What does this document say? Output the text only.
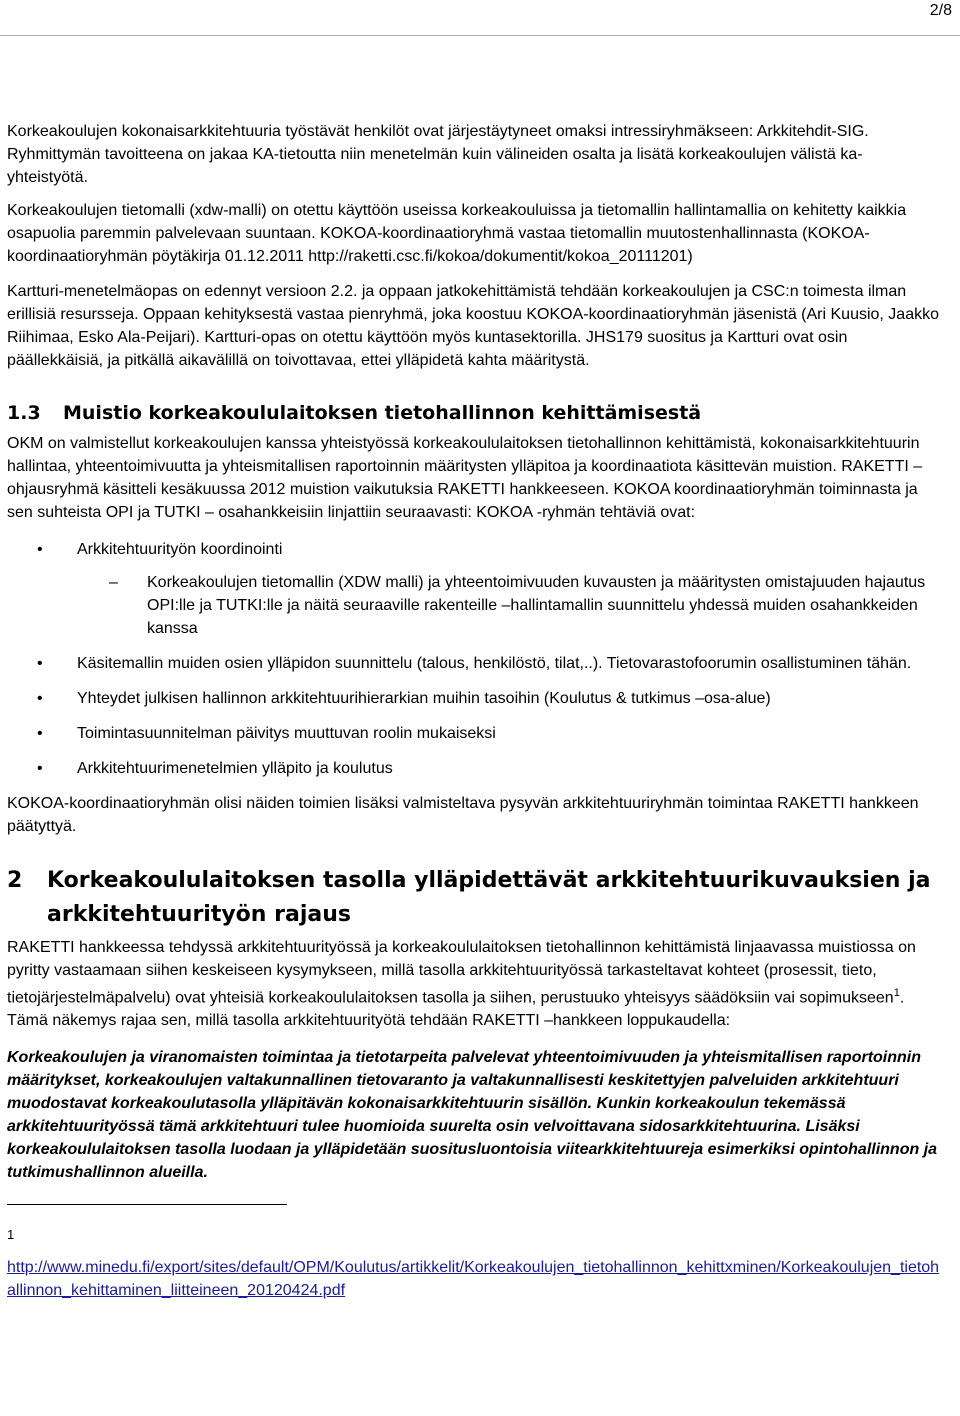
2/8

Korkeakoulujen kokonaisarkkitehtuuria työstävät henkilöt ovat järjestäytyneet omaksi intressiryhmäkseen: Arkkitehdit-SIG. Ryhmittymän tavoitteena on jakaa KA-tietoutta niin menetelmän kuin välineiden osalta ja lisätä korkeakoulujen välistä ka-yhteistyötä.

Korkeakoulujen tietomalli (xdw-malli) on otettu käyttöön useissa korkeakouluissa ja tietomallin hallintamallia on kehitetty kaikkia osapuolia paremmin palvelevaan suuntaan. KOKOA-koordinaatioryhmä vastaa tietomallin muutostenhallinnasta (KOKOA-koordinaatioryhmän pöytäkirja 01.12.2011 http://raketti.csc.fi/kokoa/dokumentit/kokoa_20111201)

Kartturi-menetelmäopas on edennyt versioon 2.2. ja oppaan jatkokehittämistä tehdään korkeakoulujen ja CSC:n toimesta ilman erillisiä resursseja. Oppaan kehityksestä vastaa pienryhmä, joka koostuu KOKOA-koordinaatioryhmän jäsenistä (Ari Kuusio, Jaakko Riihimaa, Esko Ala-Peijari). Kartturi-opas on otettu käyttöön myös kuntasektorilla. JHS179 suositus ja Kartturi ovat osin päällekkäisiä, ja pitkällä aikavälillä on toivottavaa, ettei ylläpidetä kahta määritystä.

1.3	Muistio korkeakoululaitoksen tietohallinnon kehittämisestä

OKM on valmistellut korkeakoulujen kanssa yhteistyössä korkeakoululaitoksen tietohallinnon kehittämistä, kokonaisarkkitehtuurin hallintaa, yhteentoimivuutta ja yhteismitallisen raportoinnin määritysten ylläpitoa ja koordinaatiota käsittevän muistion. RAKETTI –ohjausryhmä käsitteli kesäkuussa 2012 muistion vaikutuksia RAKETTI hankkeeseen. KOKOA koordinaatioryhmän toiminnasta ja sen suhteista OPI ja TUTKI – osahankkeisiin linjattiin seuraavasti: KOKOA -ryhmän tehtäviä ovat:

• Arkkitehtuurityön koordinointi
– Korkeakoulujen tietomallin (XDW malli) ja yhteentoimivuuden kuvausten ja määritysten omistajuuden hajautus OPI:lle ja TUTKI:lle ja näitä seuraaville rakenteille –hallintamallin suunnittelu yhdessä muiden osahankkeiden kanssa
• Käsitemallin muiden osien ylläpidon suunnittelu (talous, henkilöstö, tilat,..). Tietovarastofoorumin osallistuminen tähän.
• Yhteydet julkisen hallinnon arkkitehtuurihierarkian muihin tasoihin (Koulutus & tutkimus –osa-alue)
• Toimintasuunnitelman päivitys muuttuvan roolin mukaiseksi
• Arkkitehtuurimenetelmien ylläpito ja koulutus

KOKOA-koordinaatioryhmän olisi näiden toimien lisäksi valmisteltava pysyvän arkkitehtuuriryhmän toimintaa RAKETTI hankkeen päätyttyä.

2	Korkeakoululaitoksen tasolla ylläpidettävät arkkitehtuurikuvauksien ja arkkitehtuurityön rajaus

RAKETTI hankkeessa tehdyssä arkkitehtuurityössä ja korkeakoululaitoksen tietohallinnon kehittämistä linjaavassa muistiossa on pyritty vastaamaan siihen keskeiseen kysymykseen, millä tasolla arkkitehtuurityössä tarkasteltavat kohteet (prosessit, tieto, tietojärjestelmäpalvelu) ovat yhteisiä korkeakoululaitoksen tasolla ja siihen, perustuuko yhteisyys säädöksiin vai sopimukseen$^1$. Tämä näkemys rajaa sen, millä tasolla arkkitehtuurityötä tehdään RAKETTI –hankkeen loppukaudella:

Korkeakoulujen ja viranomaisten toimintaa ja tietotarpeita palvelevat yhteentoimivuuden ja yhteismitallisen raportoinnin määritykset, korkeakoulujen valtakunnallinen tietovaranto ja valtakunnallisesti keskitettyjen palveluiden arkkitehtuuri muodostavat korkeakoulutasolla ylläpitävän kokonaisarkkitehtuurin sisällön. Kunkin korkeakoulun tekemässä arkkitehtuurityössä tämä arkkitehtuuri tulee huomioida suurelta osin velvoittavana sidosarkkitehtuurina. Lisäksi korkeakoululaitoksen tasolla luodaan ja ylläpidetään suositusluontoisia viitearkkitehtuureja esimerkiksi opintohallinnon ja tutkimushallinnon alueilla.

1
http://www.minedu.fi/export/sites/default/OPM/Koulutus/artikkelit/Korkeakoulujen_tietohallinnon_kehittxminen/Korkeakoulujen_tietohallinnon_kehittaminen_liitteineen_20120424.pdf
